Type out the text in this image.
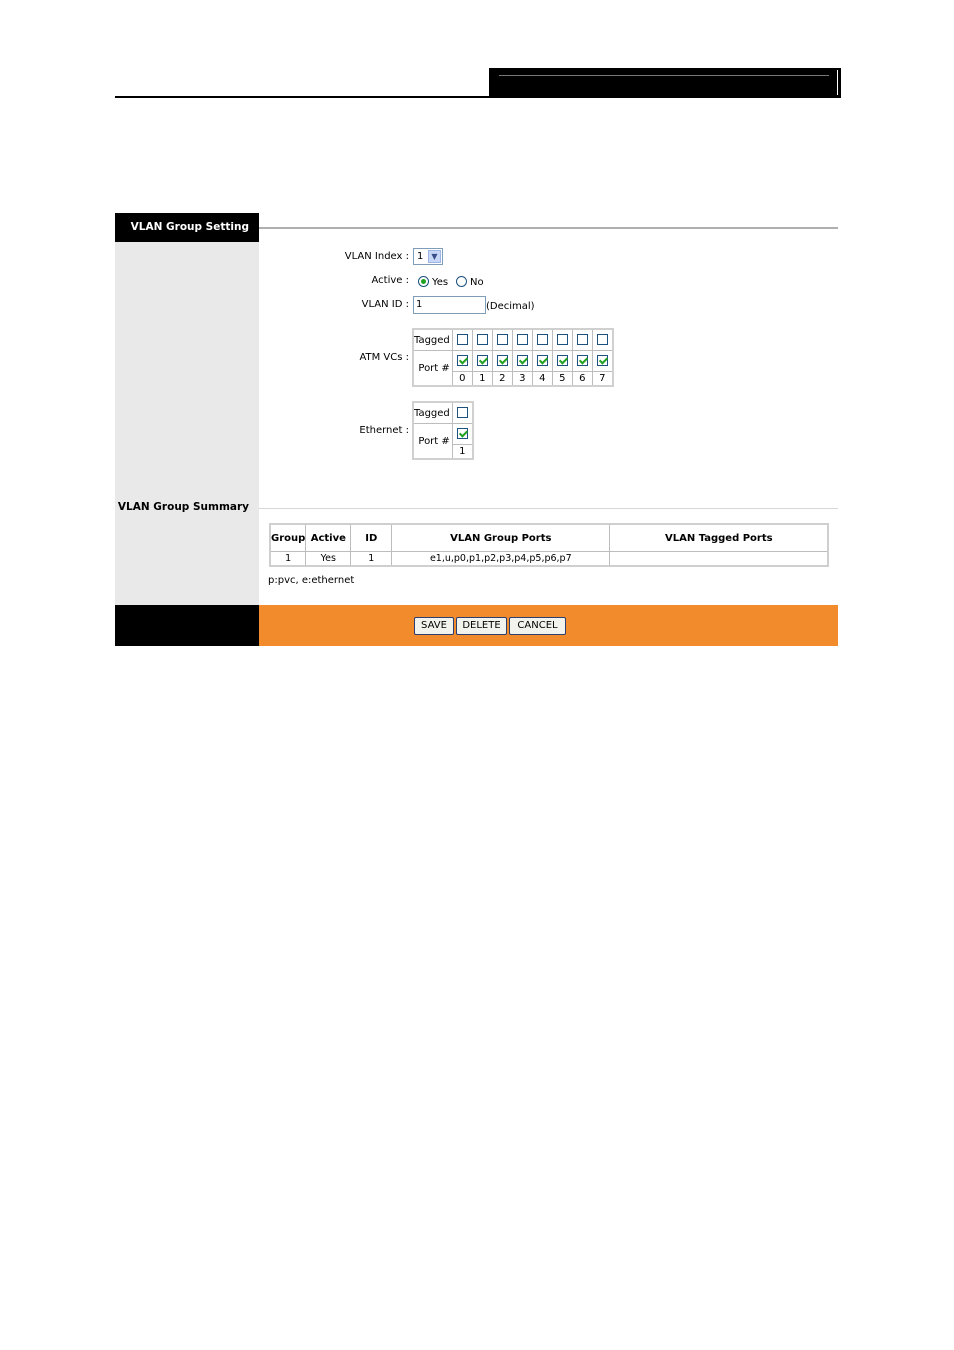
VLAN Group Setting
VLAN Index : 1	▼
Active : Yes No
VLAN ID : 1	(Decimal)
ATM VCs :
Tagged								
Port #								
	0	1	2	3	4	5	6	7
Ethernet :
Tagged	
Port #	
	1
VLAN Group Summary
Group	Active	ID	VLAN Group Ports	VLAN Tagged Ports
1	Yes	1	e1,u,p0,p1,p2,p3,p4,p5,p6,p7	
p:pvc, e:ethernet
SAVE	DELETE	CANCEL
